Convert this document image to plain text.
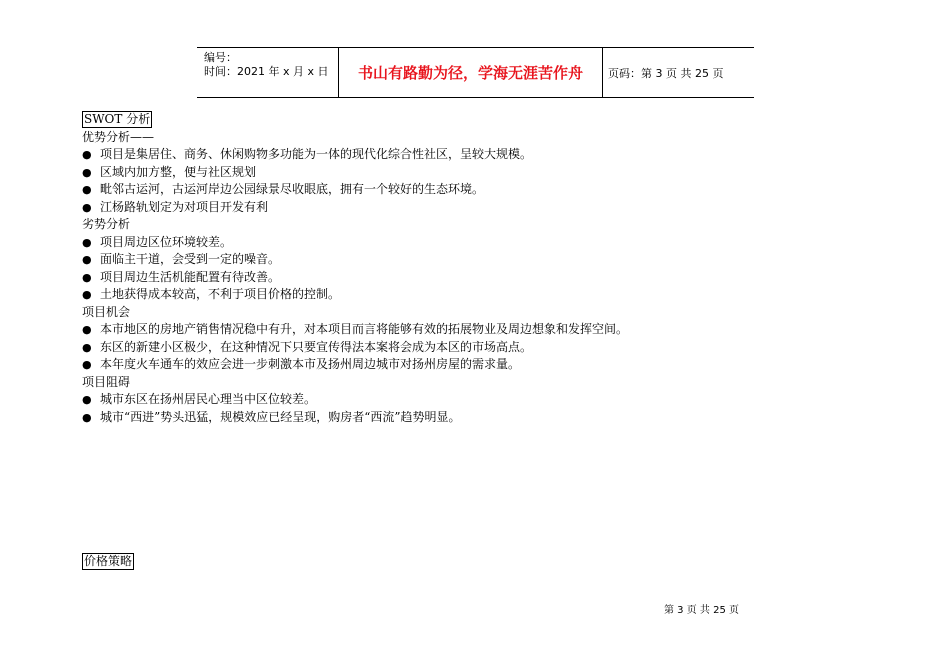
编号：
时间：2021 年 x 月 x 日	书山有路勤为径，学海无涯苦作舟	页码：第 3 页 共 25 页
SWOT 分析
优势分析——
● 项目是集居住、商务、休闲购物多功能为一体的现代化综合性社区，呈较大规模。
● 区域内加方整，便与社区规划
● 毗邻古运河，古运河岸边公园绿景尽收眼底，拥有一个较好的生态环境。
● 江杨路轨划定为对项目开发有利
劣势分析
● 项目周边区位环境较差。
● 面临主干道，会受到一定的噪音。
● 项目周边生活机能配置有待改善。
● 土地获得成本较高，不利于项目价格的控制。
项目机会
● 本市地区的房地产销售情况稳中有升，对本项目而言将能够有效的拓展物业及周边想象和发挥空间。
● 东区的新建小区极少，在这种情况下只要宣传得法本案将会成为本区的市场高点。
● 本年度火车通车的效应会进一步刺激本市及扬州周边城市对扬州房屋的需求量。
项目阻碍
● 城市东区在扬州居民心理当中区位较差。
● 城市“西进”势头迅猛，规模效应已经呈现，购房者“西流”趋势明显。
价格策略
第 3 页 共 25 页
